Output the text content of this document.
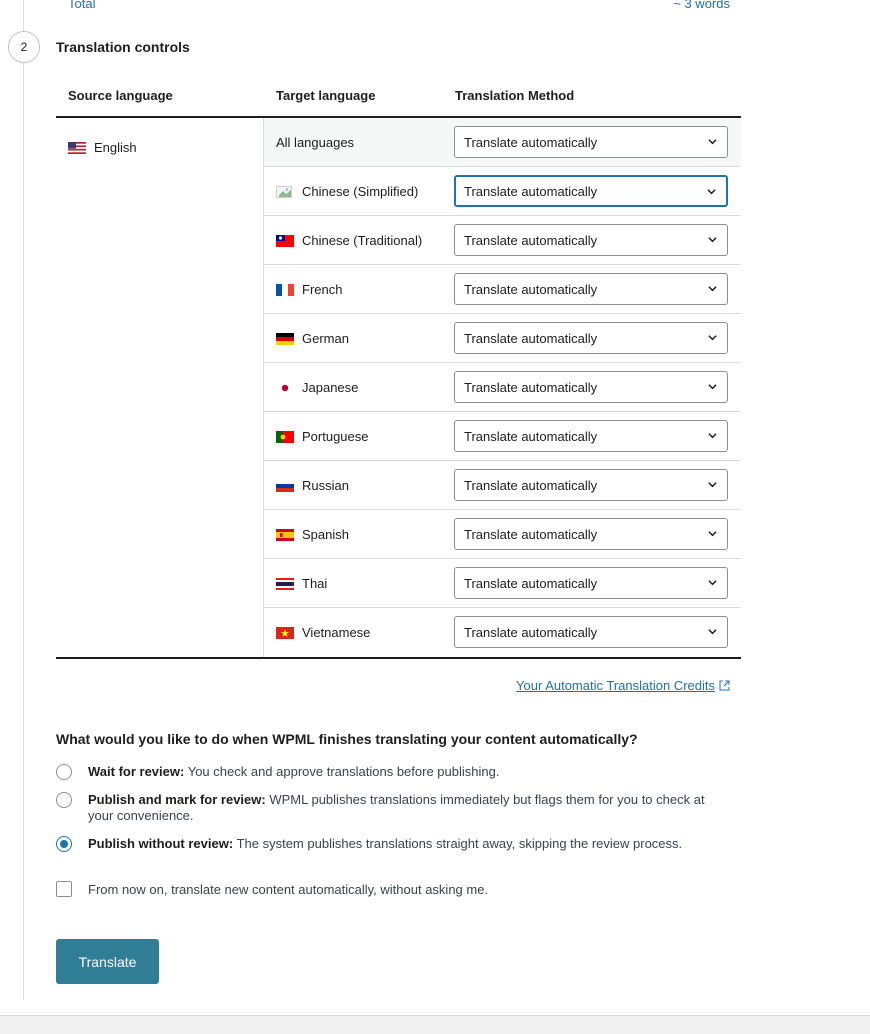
Total	~ 3 words
2	Translation controls
Source language	Target language	Translation Method
English	All languages	Translate automatically
Chinese (Simplified)	Translate automatically
Chinese (Traditional)	Translate automatically
French	Translate automatically
German	Translate automatically
Japanese	Translate automatically
Portuguese	Translate automatically
Russian	Translate automatically
Spanish	Translate automatically
Thai	Translate automatically
Vietnamese	Translate automatically
Your Automatic Translation Credits
What would you like to do when WPML finishes translating your content automatically?
Wait for review: You check and approve translations before publishing.
Publish and mark for review: WPML publishes translations immediately but flags them for you to check at your convenience.
Publish without review: The system publishes translations straight away, skipping the review process.
From now on, translate new content automatically, without asking me.
Translate
